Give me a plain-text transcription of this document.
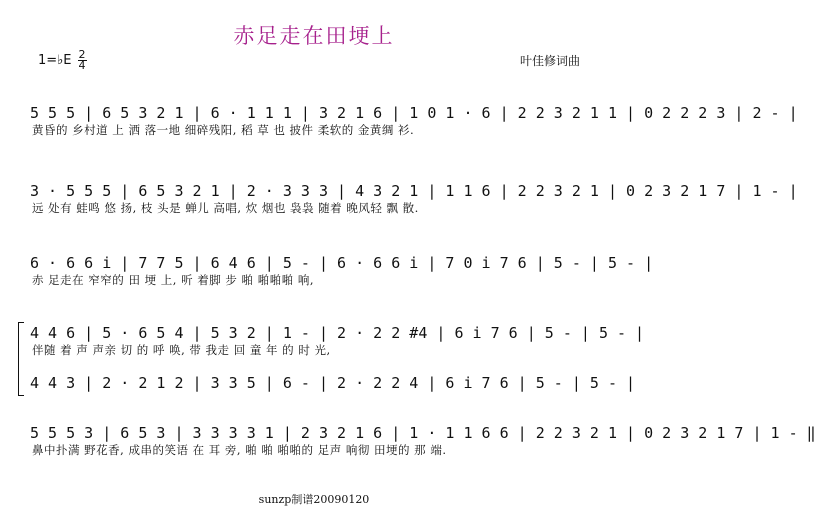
赤足走在田埂上
1=♭E 2
4	叶佳修词曲
5 5 5 | 6 5 3 2 1 | 6 · 1 1 1 | 3 2 1 6 | 1 0 1 · 6 | 2 2 3 2 1 1 | 0 2 2 2 3 | 2 - |
黄昏的 乡村道 上 洒 落一地 细碎残阳, 稻 草 也 披件 柔软的 金黄绸 衫.
3 · 5 5 5 | 6 5 3 2 1 | 2 · 3 3 3 | 4 3 2 1 | 1 1 6 | 2 2 3 2 1 | 0 2 3 2 1 7 | 1 - |
远 处有 蛙鸣 悠 扬, 枝 头是 蝉儿 高唱, 炊 烟也 袅袅 随着 晚风轻 飘 散.
6 · 6 6 i | 7 7 5 | 6 4 6 | 5 - | 6 · 6 6 i | 7 0 i 7 6 | 5 - | 5 - |
赤 足走在 窄窄的 田 埂 上, 听 着脚 步 啪 啪啪啪 响,
4 4 6 | 5 · 6 5 4 | 5 3 2 | 1 - | 2 · 2 2 #4 | 6 i 7 6 | 5 - | 5 - |
伴随 着 声 声亲 切 的 呼 唤, 带 我走 回 童 年 的 时 光,
4 4 3 | 2 · 2 1 2 | 3 3 5 | 6 - | 2 · 2 2 4 | 6 i 7 6 | 5 - | 5 - |
5 5 5 3 | 6 5 3 | 3 3 3 3 1 | 2 3 2 1 6 | 1 · 1 1 6 6 | 2 2 3 2 1 | 0 2 3 2 1 7 | 1 - ‖
鼻中扑满 野花香, 成串的笑语 在 耳 旁, 啪 啪 啪啪的 足声 响彻 田埂的 那 端.
sunzp制谱20090120
